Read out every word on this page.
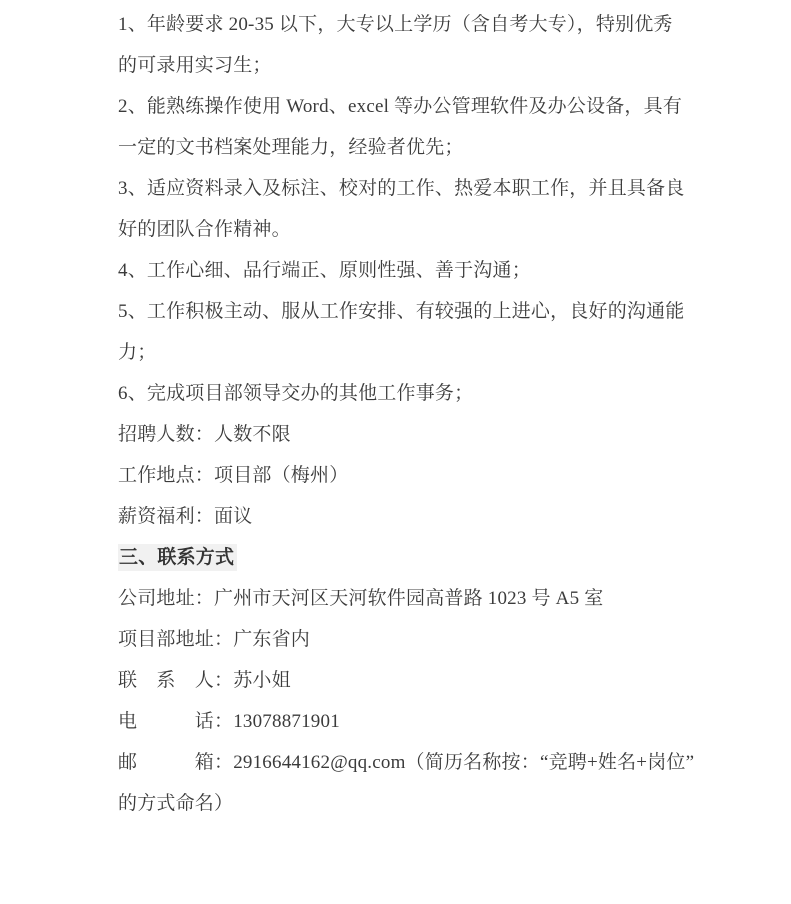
1、年龄要求 20-35 以下，大专以上学历（含自考大专），特别优秀
的可录用实习生；
2、能熟练操作使用 Word、excel 等办公管理软件及办公设备，具有
一定的文书档案处理能力，经验者优先；
3、适应资料录入及标注、校对的工作、热爱本职工作，并且具备良
好的团队合作精神。
4、工作心细、品行端正、原则性强、善于沟通；
5、工作积极主动、服从工作安排、有较强的上进心，良好的沟通能
力；
6、完成项目部领导交办的其他工作事务；
招聘人数：人数不限
工作地点：项目部（梅州）
薪资福利：面议
三、联系方式
公司地址：广州市天河区天河软件园高普路 1023 号 A5 室
项目部地址：广东省内
联　系　人：苏小姐
电　　　话：13078871901
邮　　　箱：2916644162@qq.com（简历名称按：“竞聘+姓名+岗位”
的方式命名）
